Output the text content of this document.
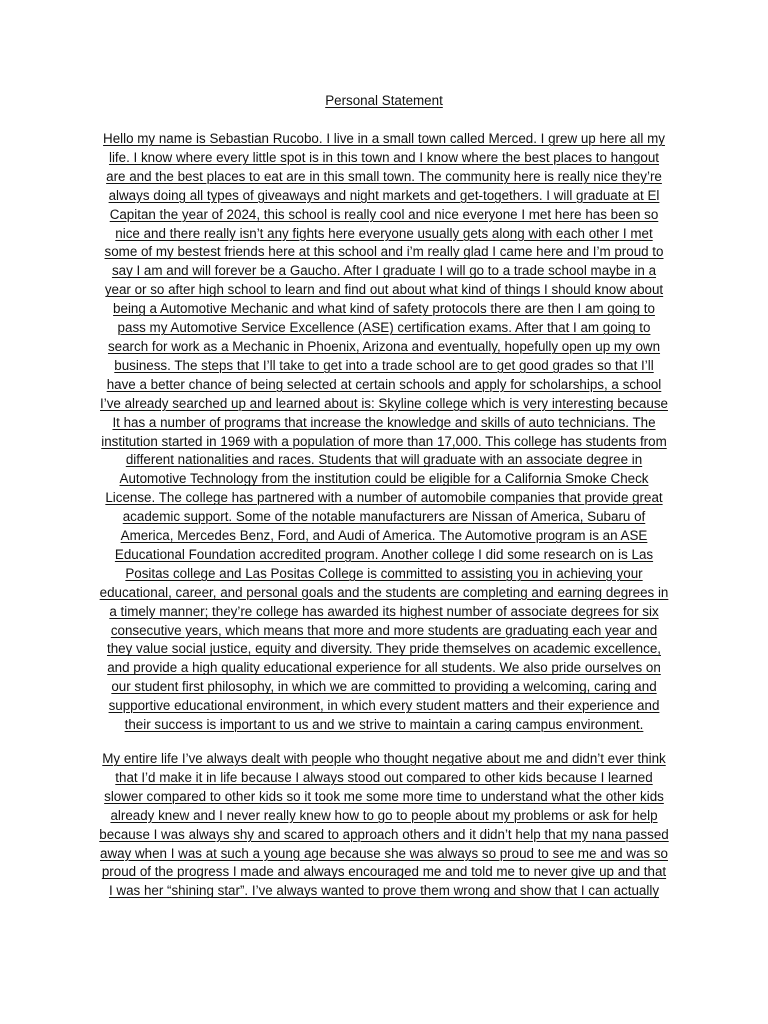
Personal Statement
Hello my name is Sebastian Rucobo. I live in a small town called Merced. I grew up here all my
life. I know where every little spot is in this town and I know where the best places to hangout
are and the best places to eat are in this small town. The community here is really nice they’re
always doing all types of giveaways and night markets and get-togethers. I will graduate at El
Capitan the year of 2024, this school is really cool and nice everyone I met here has been so
nice and there really isn’t any fights here everyone usually gets along with each other I met
some of my bestest friends here at this school and i’m really glad I came here and I’m proud to
say I am and will forever be a Gaucho. After I graduate I will go to a trade school maybe in a
year or so after high school to learn and find out about what kind of things I should know about
being a Automotive Mechanic and what kind of safety protocols there are then I am going to
pass my Automotive Service Excellence (ASE) certification exams. After that I am going to
search for work as a Mechanic in Phoenix, Arizona and eventually, hopefully open up my own
business. The steps that I’ll take to get into a trade school are to get good grades so that I’ll
have a better chance of being selected at certain schools and apply for scholarships, a school
I’ve already searched up and learned about is: Skyline college which is very interesting because
It has a number of programs that increase the knowledge and skills of auto technicians. The
institution started in 1969 with a population of more than 17,000. This college has students from
different nationalities and races. Students that will graduate with an associate degree in
Automotive Technology from the institution could be eligible for a California Smoke Check
License. The college has partnered with a number of automobile companies that provide great
academic support. Some of the notable manufacturers are Nissan of America, Subaru of
America, Mercedes Benz, Ford, and Audi of America. The Automotive program is an ASE
Educational Foundation accredited program. Another college I did some research on is Las
Positas college and Las Positas College is committed to assisting you in achieving your
educational, career, and personal goals and the students are completing and earning degrees in
a timely manner; they’re college has awarded its highest number of associate degrees for six
consecutive years, which means that more and more students are graduating each year and
they value social justice, equity and diversity. They pride themselves on academic excellence,
and provide a high quality educational experience for all students. We also pride ourselves on
our student first philosophy, in which we are committed to providing a welcoming, caring and
supportive educational environment, in which every student matters and their experience and
their success is important to us and we strive to maintain a caring campus environment.
My entire life I’ve always dealt with people who thought negative about me and didn’t ever think
that I’d make it in life because I always stood out compared to other kids because I learned
slower compared to other kids so it took me some more time to understand what the other kids
already knew and I never really knew how to go to people about my problems or ask for help
because I was always shy and scared to approach others and it didn’t help that my nana passed
away when I was at such a young age because she was always so proud to see me and was so
proud of the progress I made and always encouraged me and told me to never give up and that
I was her “shining star”. I’ve always wanted to prove them wrong and show that I can actually
